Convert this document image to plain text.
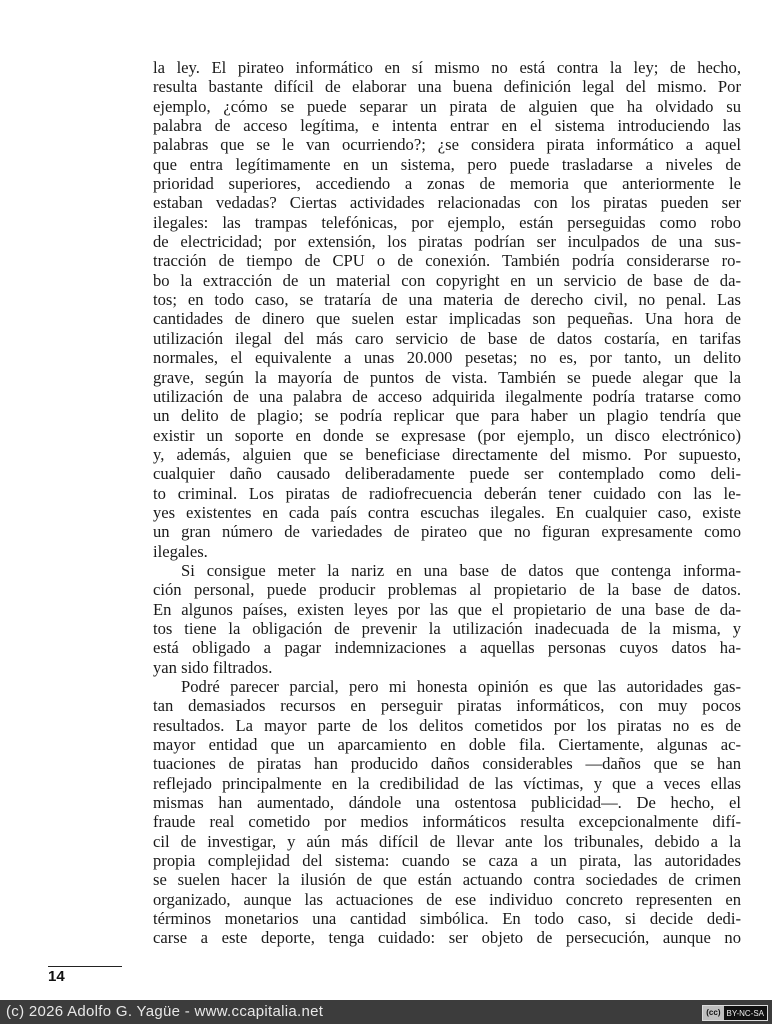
la ley. El pirateo informático en sí mismo no está contra la ley; de hecho,
resulta bastante difícil de elaborar una buena definición legal del mismo. Por
ejemplo, ¿cómo se puede separar un pirata de alguien que ha olvidado su
palabra de acceso legítima, e intenta entrar en el sistema introduciendo las
palabras que se le van ocurriendo?; ¿se considera pirata informático a aquel
que entra legítimamente en un sistema, pero puede trasladarse a niveles de
prioridad superiores, accediendo a zonas de memoria que anteriormente le
estaban vedadas? Ciertas actividades relacionadas con los piratas pueden ser
ilegales: las trampas telefónicas, por ejemplo, están perseguidas como robo
de electricidad; por extensión, los piratas podrían ser inculpados de una sus-
tracción de tiempo de CPU o de conexión. También podría considerarse ro-
bo la extracción de un material con copyright en un servicio de base de da-
tos; en todo caso, se trataría de una materia de derecho civil, no penal. Las
cantidades de dinero que suelen estar implicadas son pequeñas. Una hora de
utilización ilegal del más caro servicio de base de datos costaría, en tarifas
normales, el equivalente a unas 20.000 pesetas; no es, por tanto, un delito
grave, según la mayoría de puntos de vista. También se puede alegar que la
utilización de una palabra de acceso adquirida ilegalmente podría tratarse como
un delito de plagio; se podría replicar que para haber un plagio tendría que
existir un soporte en donde se expresase (por ejemplo, un disco electrónico)
y, además, alguien que se beneficiase directamente del mismo. Por supuesto,
cualquier daño causado deliberadamente puede ser contemplado como deli-
to criminal. Los piratas de radiofrecuencia deberán tener cuidado con las le-
yes existentes en cada país contra escuchas ilegales. En cualquier caso, existe
un gran número de variedades de pirateo que no figuran expresamente como
ilegales.

Si consigue meter la nariz en una base de datos que contenga informa-
ción personal, puede producir problemas al propietario de la base de datos.
En algunos países, existen leyes por las que el propietario de una base de da-
tos tiene la obligación de prevenir la utilización inadecuada de la misma, y
está obligado a pagar indemnizaciones a aquellas personas cuyos datos ha-
yan sido filtrados.

Podré parecer parcial, pero mi honesta opinión es que las autoridades gas-
tan demasiados recursos en perseguir piratas informáticos, con muy pocos
resultados. La mayor parte de los delitos cometidos por los piratas no es de
mayor entidad que un aparcamiento en doble fila. Ciertamente, algunas ac-
tuaciones de piratas han producido daños considerables —daños que se han
reflejado principalmente en la credibilidad de las víctimas, y que a veces ellas
mismas han aumentado, dándole una ostentosa publicidad—. De hecho, el
fraude real cometido por medios informáticos resulta excepcionalmente difí-
cil de investigar, y aún más difícil de llevar ante los tribunales, debido a la
propia complejidad del sistema: cuando se caza a un pirata, las autoridades
se suelen hacer la ilusión de que están actuando contra sociedades de crimen
organizado, aunque las actuaciones de ese individuo concreto representen en
términos monetarios una cantidad simbólica. En todo caso, si decide dedi-
carse a este deporte, tenga cuidado: ser objeto de persecución, aunque no

14
(c) 2026 Adolfo G. Yagüe - www.ccapitalia.net	(cc) BY-NC-SA
